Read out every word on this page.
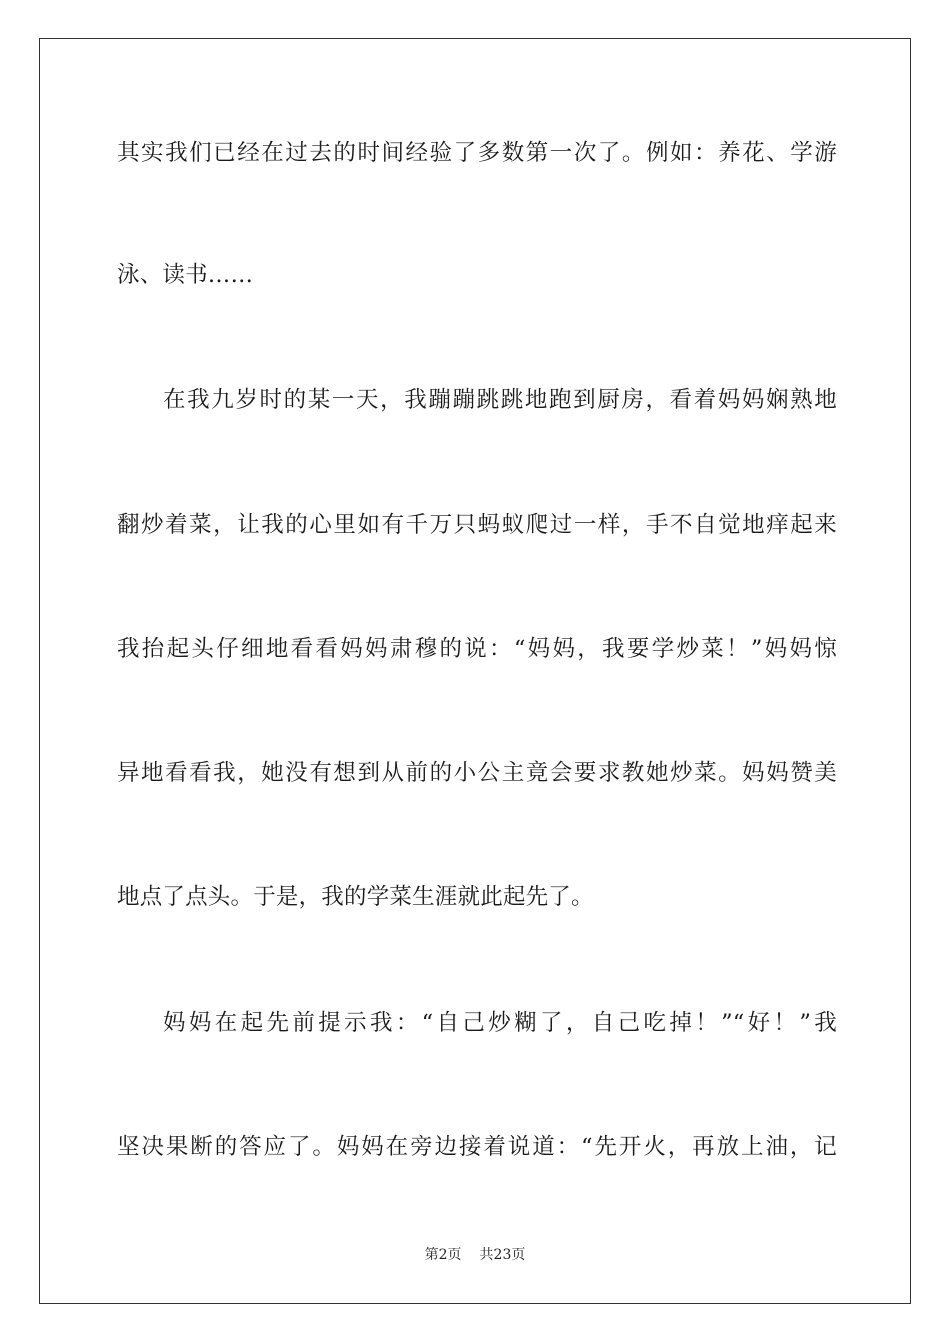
其实我们已经在过去的时间经验了多数第一次了。例如：养花、学游
泳、读书……
在我九岁时的某一天，我蹦蹦跳跳地跑到厨房，看着妈妈娴熟地
翻炒着菜，让我的心里如有千万只蚂蚁爬过一样，手不自觉地痒起来
我抬起头仔细地看看妈妈肃穆的说：“妈妈，我要学炒菜！”妈妈惊
异地看看我，她没有想到从前的小公主竟会要求教她炒菜。妈妈赞美
地点了点头。于是，我的学菜生涯就此起先了。
妈妈在起先前提示我：“自己炒糊了，自己吃掉！”“好！”我
坚决果断的答应了。妈妈在旁边接着说道：“先开火，再放上油，记
第2页 共23页
